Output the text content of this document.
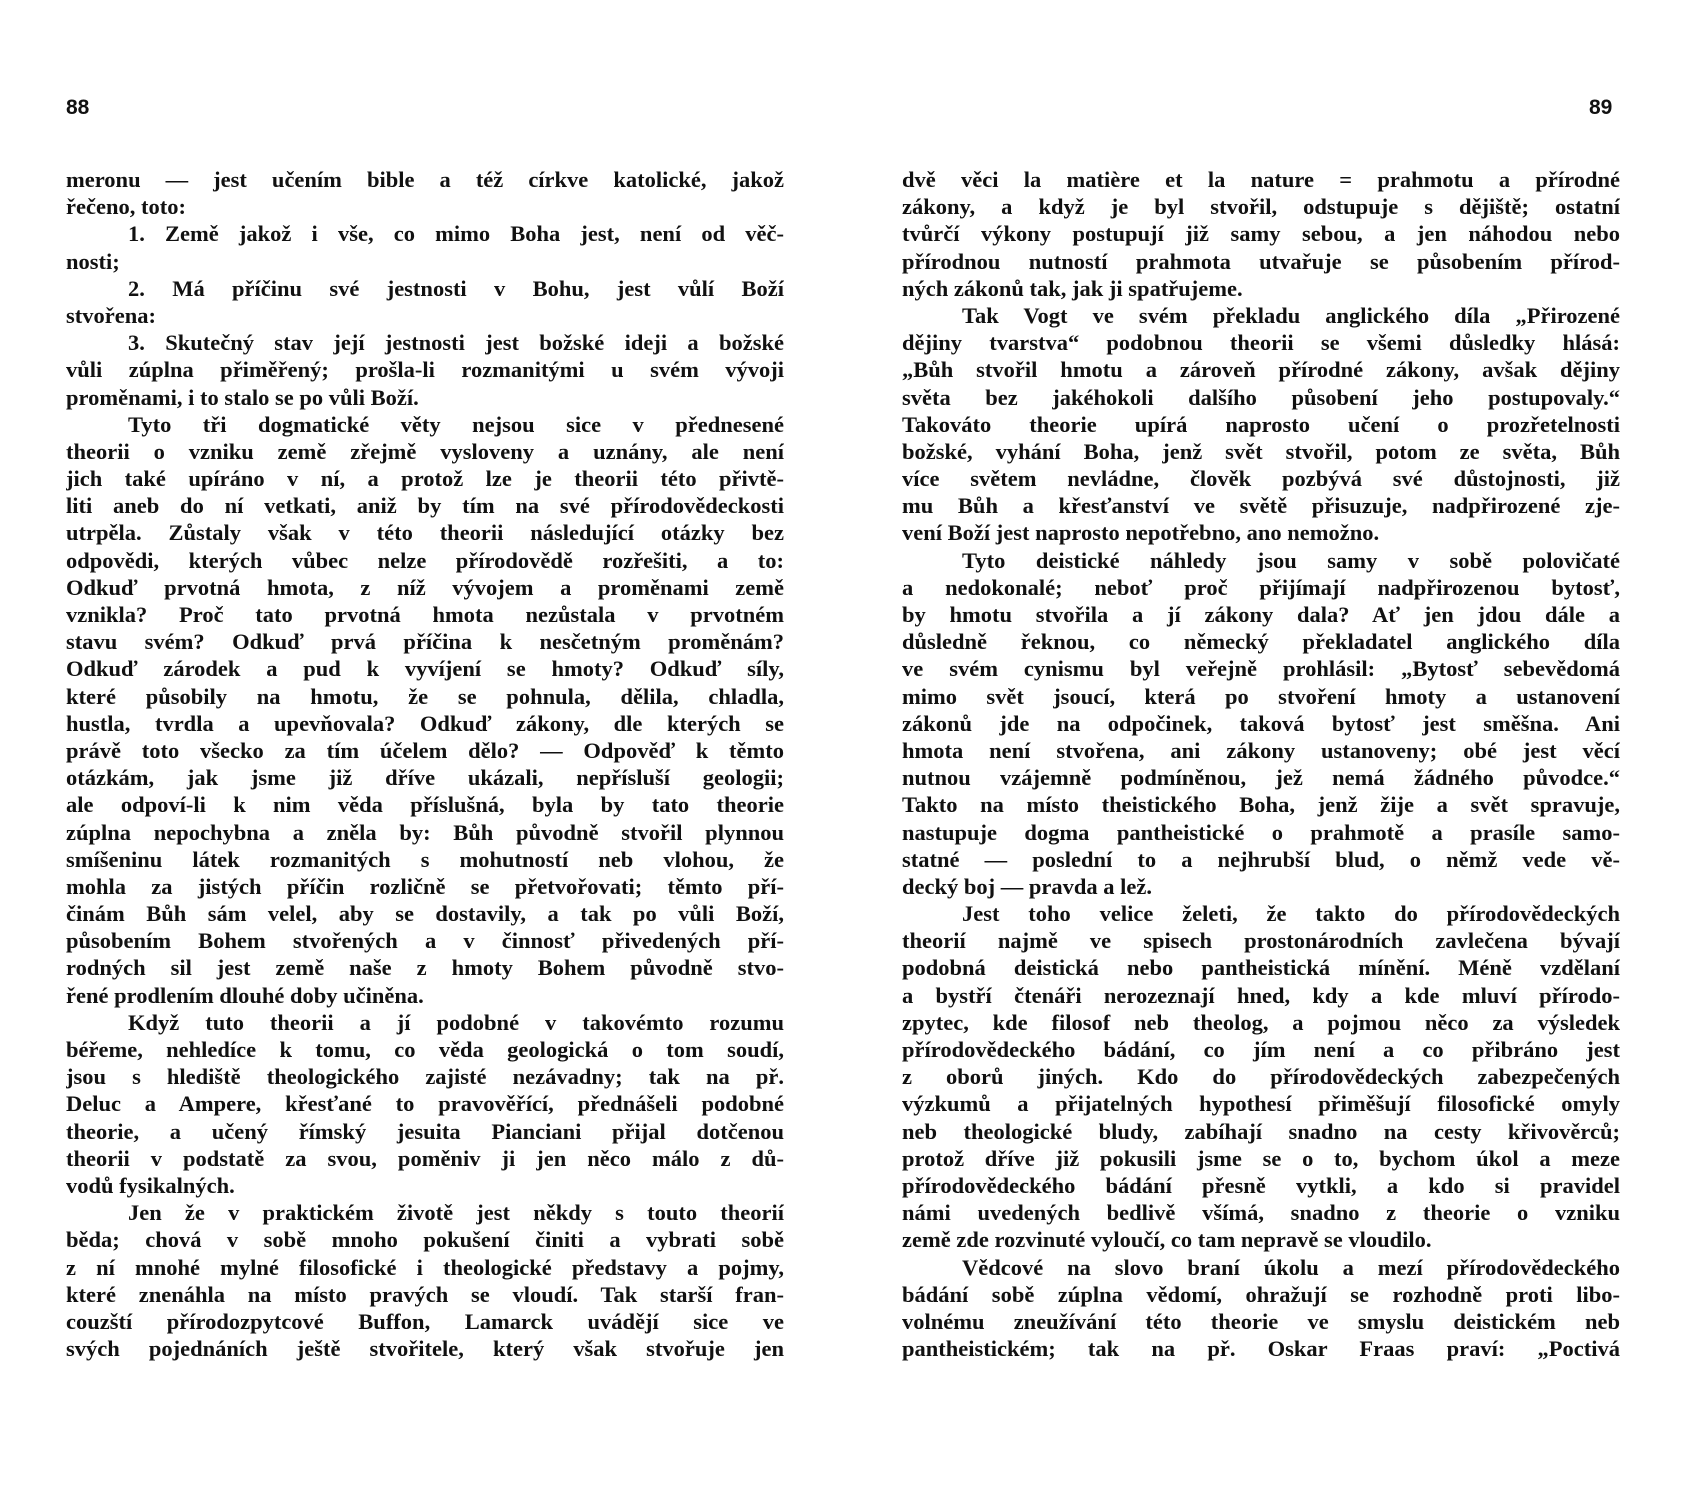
88	89
meronu — jest učením bible a též církve katolické, jakož
řečeno, toto:
1. Země jakož i vše, co mimo Boha jest, není od věč-
nosti;
2. Má příčinu své jestnosti v Bohu, jest vůlí Boží
stvořena:
3. Skutečný stav její jestnosti jest božské ideji a božské
vůli zúplna přiměřený; prošla-li rozmanitými u svém vývoji
proměnami, i to stalo se po vůli Boží.
Tyto tři dogmatické věty nejsou sice v přednesené
theorii o vzniku země zřejmě vysloveny a uznány, ale není
jich také upíráno v ní, a protož lze je theorii této přivtě-
liti aneb do ní vetkati, aniž by tím na své přírodovědeckosti
utrpěla. Zůstaly však v této theorii následující otázky bez
odpovědi, kterých vůbec nelze přírodovědě rozřešiti, a to:
Odkuď prvotná hmota, z níž vývojem a proměnami země
vznikla? Proč tato prvotná hmota nezůstala v prvotném
stavu svém? Odkuď prvá příčina k nesčetným proměnám?
Odkuď zárodek a pud k vyvíjení se hmoty? Odkuď síly,
které působily na hmotu, že se pohnula, dělila, chladla,
hustla, tvrdla a upevňovala? Odkuď zákony, dle kterých se
právě toto všecko za tím účelem dělo? — Odpověď k těmto
otázkám, jak jsme již dříve ukázali, nepřísluší geologii;
ale odpoví-li k nim věda příslušná, byla by tato theorie
zúplna nepochybna a zněla by: Bůh původně stvořil plynnou
smíšeninu látek rozmanitých s mohutností neb vlohou, že
mohla za jistých příčin rozličně se přetvořovati; těmto pří-
činám Bůh sám velel, aby se dostavily, a tak po vůli Boží,
působením Bohem stvořených a v činnosť přivedených pří-
rodných sil jest země naše z hmoty Bohem původně stvo-
řené prodlením dlouhé doby učiněna.
Když tuto theorii a jí podobné v takovémto rozumu
béřeme, nehledíce k tomu, co věda geologická o tom soudí,
jsou s hlediště theologického zajisté nezávadny; tak na př.
Deluc a Ampere, křesťané to pravověřící, přednášeli podobné
theorie, a učený římský jesuita Pianciani přijal dotčenou
theorii v podstatě za svou, poměniv ji jen něco málo z dů-
vodů fysikalných.
Jen že v praktickém životě jest někdy s touto theorií
běda; chová v sobě mnoho pokušení činiti a vybrati sobě
z ní mnohé mylné filosofické i theologické představy a pojmy,
které znenáhla na místo pravých se vloudí. Tak starší fran-
couzští přírodozpytcové Buffon, Lamarck uvádějí sice ve
svých pojednáních ještě stvořitele, který však stvořuje jen
dvě věci la matière et la nature = prahmotu a přírodné
zákony, a když je byl stvořil, odstupuje s dějiště; ostatní
tvůrčí výkony postupují již samy sebou, a jen náhodou nebo
přírodnou nutností prahmota utvařuje se působením přírod-
ných zákonů tak, jak ji spatřujeme.
Tak Vogt ve svém překladu anglického díla „Přirozené
dějiny tvarstva“ podobnou theorii se všemi důsledky hlásá:
„Bůh stvořil hmotu a zároveň přírodné zákony, avšak dějiny
světa bez jakéhokoli dalšího působení jeho postupovaly.“
Takováto theorie upírá naprosto učení o prozřetelnosti
božské, vyhání Boha, jenž svět stvořil, potom ze světa, Bůh
více světem nevládne, člověk pozbývá své důstojnosti, již
mu Bůh a křesťanství ve světě přisuzuje, nadpřirozené zje-
vení Boží jest naprosto nepotřebno, ano nemožno.
Tyto deistické náhledy jsou samy v sobě polovičaté
a nedokonalé; neboť proč přijímají nadpřirozenou bytosť,
by hmotu stvořila a jí zákony dala? Ať jen jdou dále a
důsledně řeknou, co německý překladatel anglického díla
ve svém cynismu byl veřejně prohlásil: „Bytosť sebevědomá
mimo svět jsoucí, která po stvoření hmoty a ustanovení
zákonů jde na odpočinek, taková bytosť jest směšna. Ani
hmota není stvořena, ani zákony ustanoveny; obé jest věcí
nutnou vzájemně podmíněnou, jež nemá žádného původce.“
Takto na místo theistického Boha, jenž žije a svět spravuje,
nastupuje dogma pantheistické o prahmotě a prasíle samo-
statné — poslední to a nejhrubší blud, o němž vede vě-
decký boj — pravda a lež.
Jest toho velice želeti, že takto do přírodovědeckých
theorií najmě ve spisech prostonárodních zavlečena bývají
podobná deistická nebo pantheistická mínění. Méně vzdělaní
a bystří čtenáři nerozeznají hned, kdy a kde mluví přírodo-
zpytec, kde filosof neb theolog, a pojmou něco za výsledek
přírodovědeckého bádání, co jím není a co přibráno jest
z oborů jiných. Kdo do přírodovědeckých zabezpečených
výzkumů a přijatelných hypothesí přiměšují filosofické omyly
neb theologické bludy, zabíhají snadno na cesty křivověrců;
protož dříve již pokusili jsme se o to, bychom úkol a meze
přírodovědeckého bádání přesně vytkli, a kdo si pravidel
námi uvedených bedlivě všímá, snadno z theorie o vzniku
země zde rozvinuté vyloučí, co tam nepravě se vloudilo.
Vědcové na slovo braní úkolu a mezí přírodovědeckého
bádání sobě zúplna vědomí, ohražují se rozhodně proti libo-
volnému zneužívání této theorie ve smyslu deistickém neb
pantheistickém; tak na př. Oskar Fraas praví: „Poctivá
